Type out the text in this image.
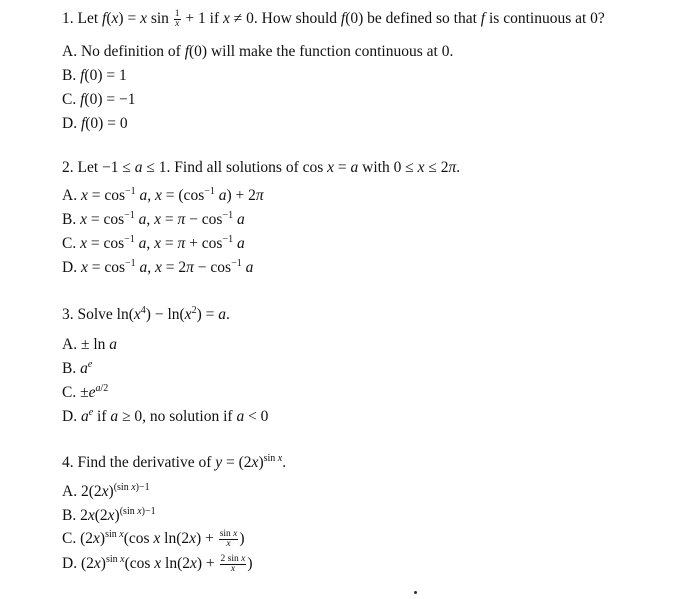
1. Let f(x) = x $\sin \frac{1}{x} + 1$ if x ≠ 0. How should f(0) be defined so that f is continuous at 0?

A. No definition of f(0) will make the function continuous at 0.

B. f(0) = 1

C. f(0) = −1

D. f(0) = 0

2. Let −1 ≤ a ≤ 1. Find all solutions of cos x = a with 0 ≤ x ≤ 2π.

A. $x = \cos^{-1} a$, $x = (\cos^{-1}$ a) + 2π

B. $x = \cos^{-1} a$, $x = \pi - \cos^{-1} a$

C. $x = \cos^{-1} a$, $x = \pi + \cos^{-1} a$

D. $x = \cos^{-1} a$, $x = 2\pi - \cos^{-1} a$

3. Solve $\ln(x^4) - \ln(x^2) = a$.

A. ± ln a

B. $a^e$

C. $\pm e^{a/2}$

D. $a^e$ if a ≥ 0, no solution if a < 0

4. Find the derivative of $y = (2x)^{sin x}$.

A. $2(2x)^{(sin x)-1}$

B. $2x(2x)^{(sin x)-1}$

C. $(2x)^{sin x}(\cos$ x $\ln(2x) + \frac{\text{sin x}}{x}$ )

D. $(2x)^{sin x}(\cos$ x $\ln(2x) + \frac{\text{2 sin x}}{x}$ )
